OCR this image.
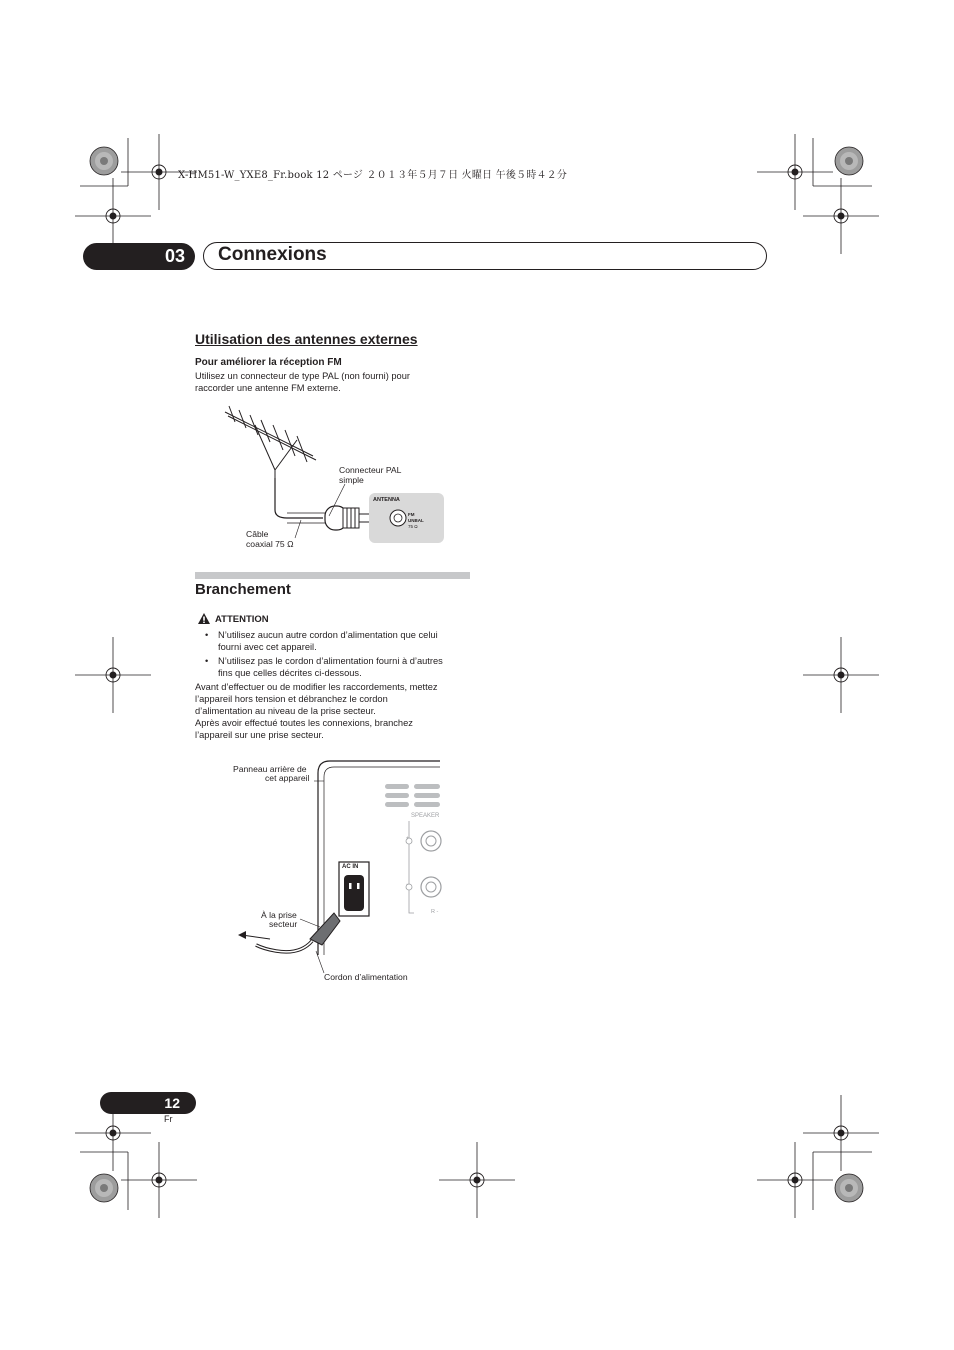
X-HM51-W_YXE8_Fr.book 12 ページ ２０１３年５月７日 火曜日 午後５時４２分
03 Connexions
Utilisation des antennes externes
Pour améliorer la réception FM
Utilisez un connecteur de type PAL (non fourni) pour
raccorder une antenne FM externe.
Connecteur PAL
simple
Câble
coaxial 75 Ω
ANTENNA
FM
UNBAL
75 Ω
Branchement
ATTENTION
• N’utilisez aucun autre cordon d’alimentation que celui
fourni avec cet appareil.
• N’utilisez pas le cordon d’alimentation fourni à d’autres
fins que celles décrites ci-dessous.
Avant d’effectuer ou de modifier les raccordements, mettez
l’appareil hors tension et débranchez le cordon
d’alimentation au niveau de la prise secteur.
Après avoir effectué toutes les connexions, branchez
l’appareil sur une prise secteur.
Panneau arrière de
cet appareil
À la prise
secteur
Cordon d’alimentation
AC IN
SPEAKER
+
−
R -
12
Fr
